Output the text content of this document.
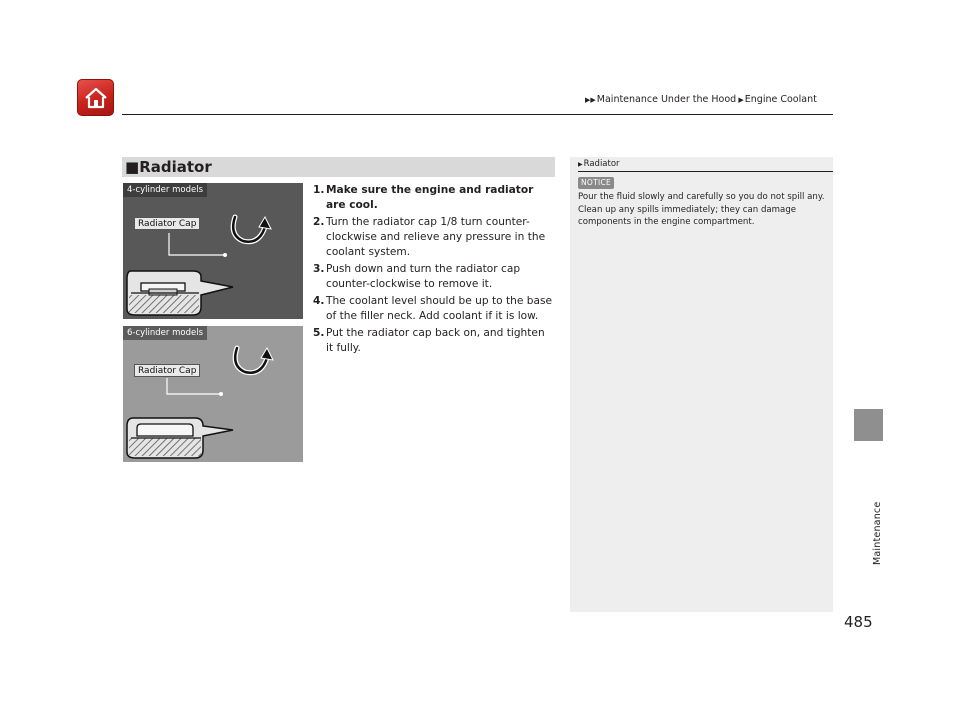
▶▶Maintenance Under the Hood ▶Engine Coolant
Maintenance
■Radiator
4-cylinder models
Radiator Cap
6-cylinder models
Radiator Cap
1. Make sure the engine and radiator are cool.
2. Turn the radiator cap 1/8 turn counter-clockwise and relieve any pressure in the coolant system.
3. Push down and turn the radiator cap counter-clockwise to remove it.
4. The coolant level should be up to the base of the filler neck. Add coolant if it is low.
5. Put the radiator cap back on, and tighten it fully.
▶Radiator
NOTICE
Pour the fluid slowly and carefully so you do not spill any. Clean up any spills immediately; they can damage components in the engine compartment.
485
